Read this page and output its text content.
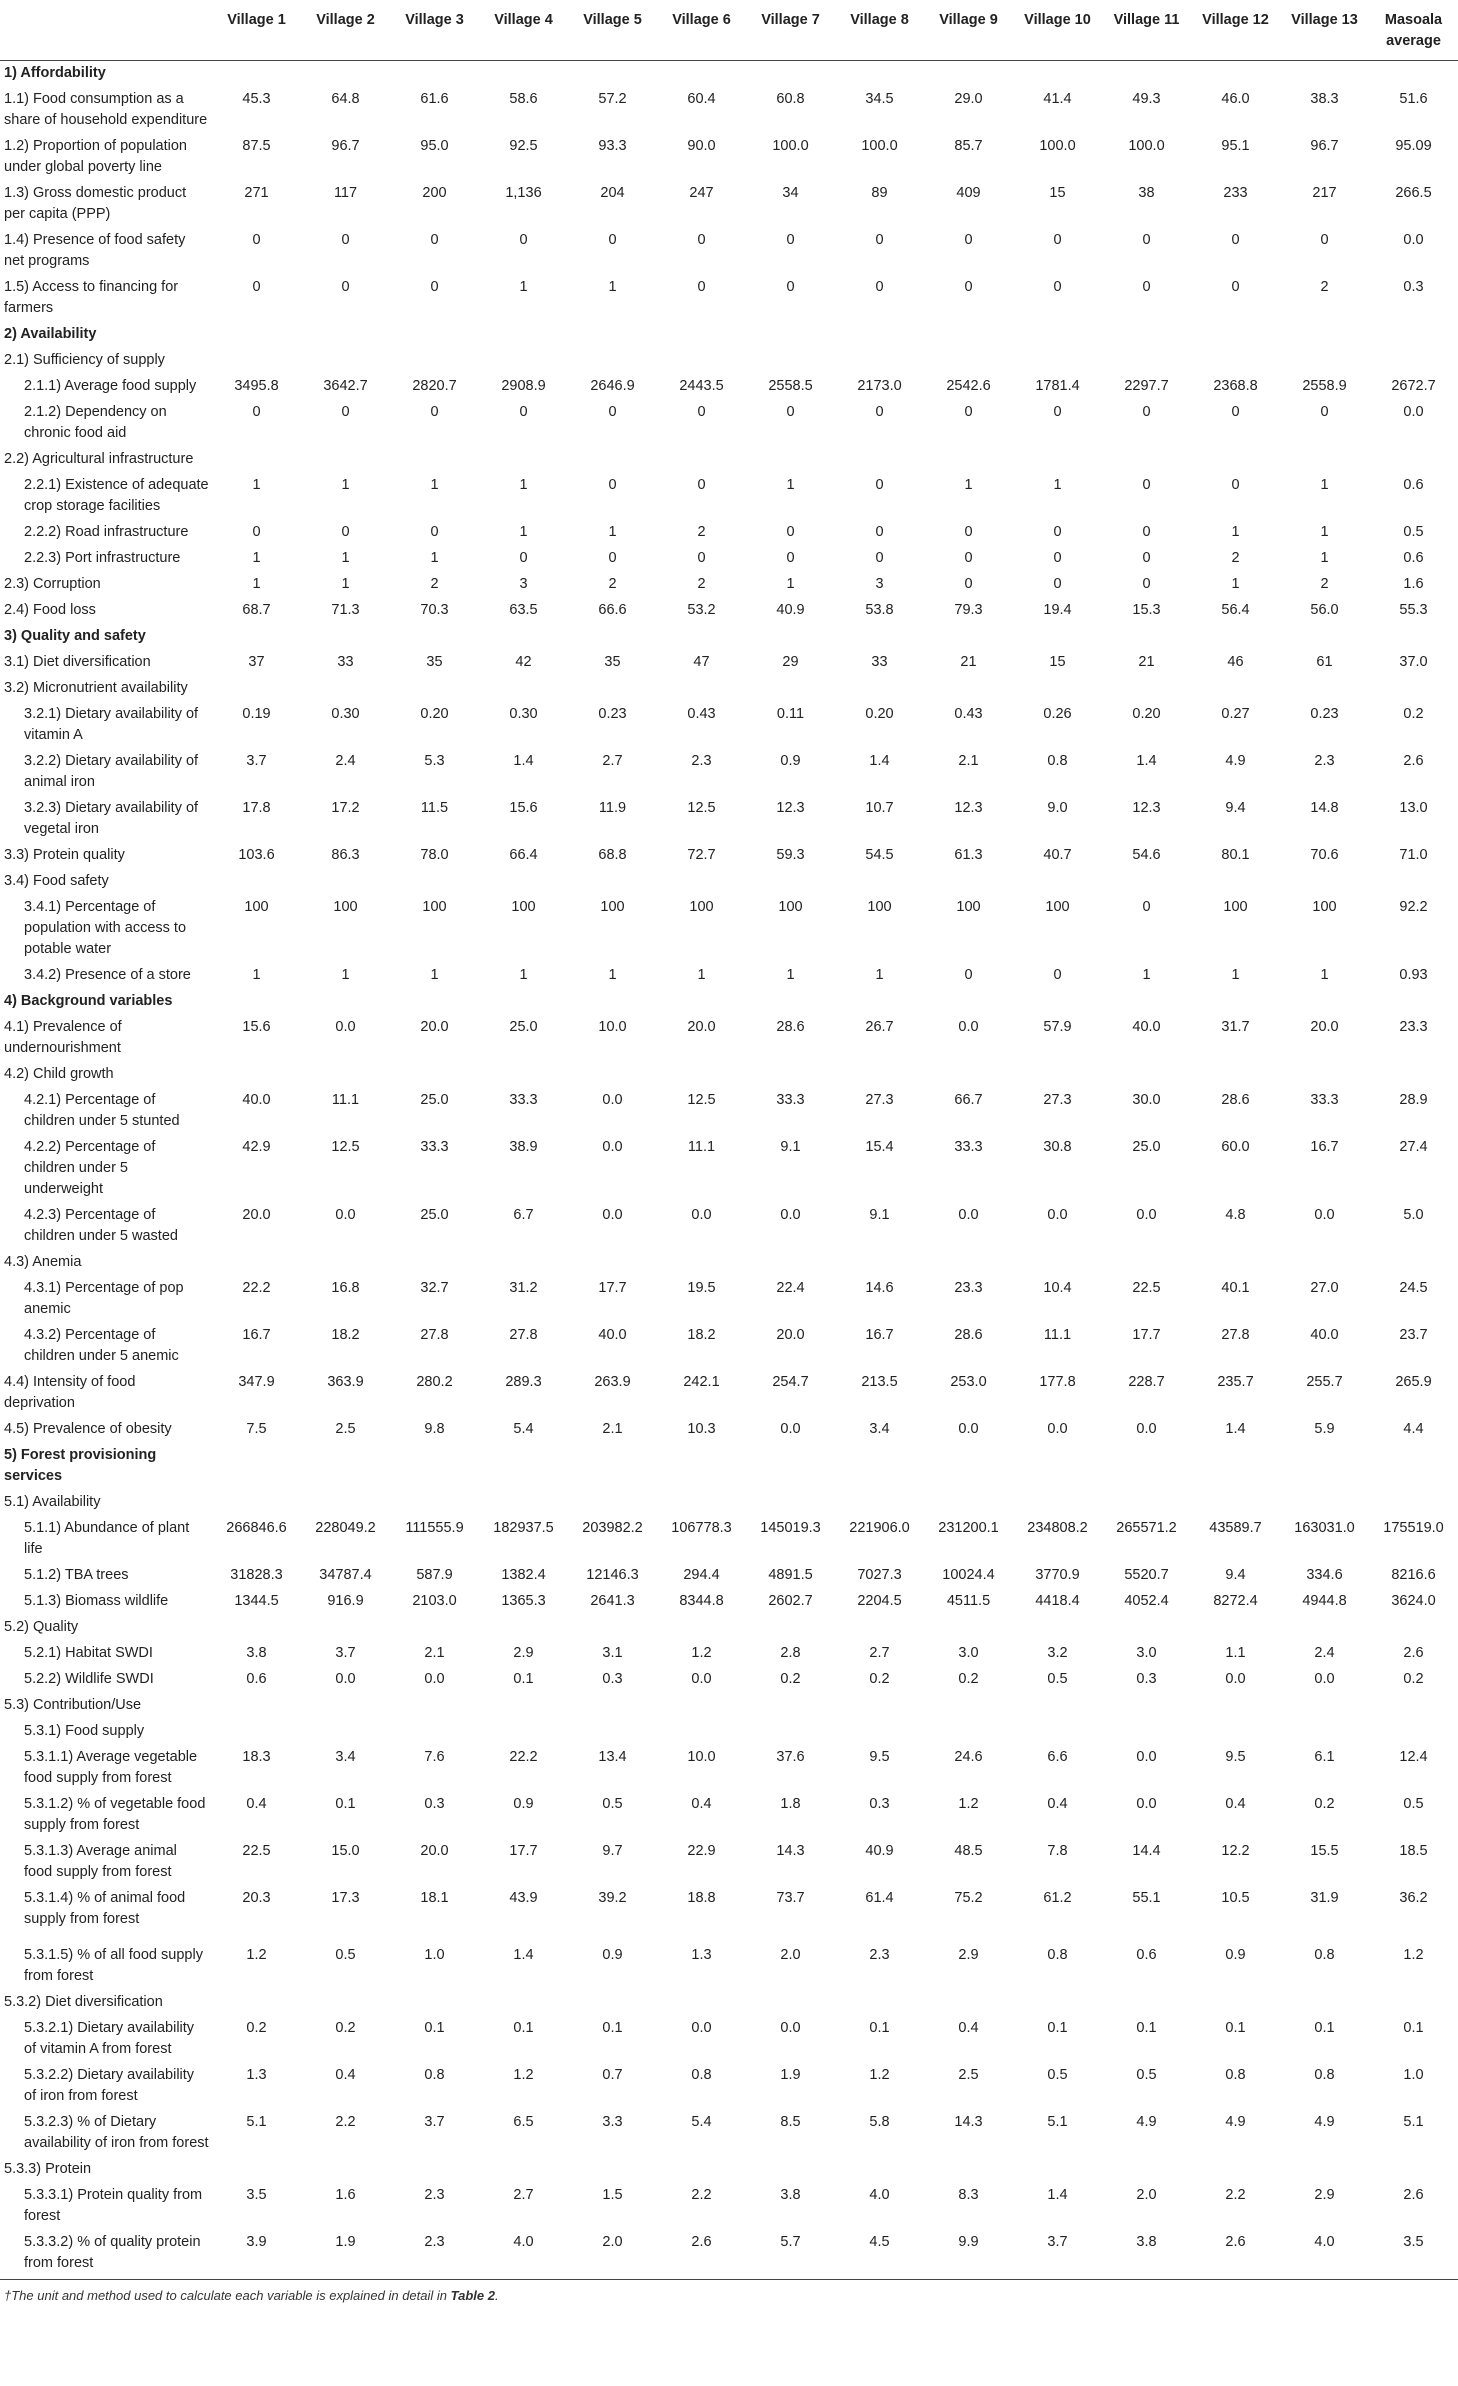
	Village 1	Village 2	Village 3	Village 4	Village 5	Village 6	Village 7	Village 8	Village 9	Village 10	Village 11	Village 12	Village 13	Masoala average
1) Affordability														
1.1) Food consumption as a share of household expenditure	45.3	64.8	61.6	58.6	57.2	60.4	60.8	34.5	29.0	41.4	49.3	46.0	38.3	51.6
1.2) Proportion of population under global poverty line	87.5	96.7	95.0	92.5	93.3	90.0	100.0	100.0	85.7	100.0	100.0	95.1	96.7	95.09
1.3) Gross domestic product per capita (PPP)	271	117	200	1,136	204	247	34	89	409	15	38	233	217	266.5
1.4) Presence of food safety net programs	0	0	0	0	0	0	0	0	0	0	0	0	0	0.0
1.5) Access to financing for farmers	0	0	0	1	1	0	0	0	0	0	0	0	2	0.3
2) Availability														
2.1) Sufficiency of supply														
2.1.1) Average food supply	3495.8	3642.7	2820.7	2908.9	2646.9	2443.5	2558.5	2173.0	2542.6	1781.4	2297.7	2368.8	2558.9	2672.7
2.1.2) Dependency on chronic food aid	0	0	0	0	0	0	0	0	0	0	0	0	0	0.0
2.2) Agricultural infrastructure														
2.2.1) Existence of adequate crop storage facilities	1	1	1	1	0	0	1	0	1	1	0	0	1	0.6
2.2.2) Road infrastructure	0	0	0	1	1	2	0	0	0	0	0	1	1	0.5
2.2.3) Port infrastructure	1	1	1	0	0	0	0	0	0	0	0	2	1	0.6
2.3) Corruption	1	1	2	3	2	2	1	3	0	0	0	1	2	1.6
2.4) Food loss	68.7	71.3	70.3	63.5	66.6	53.2	40.9	53.8	79.3	19.4	15.3	56.4	56.0	55.3
3) Quality and safety														
3.1) Diet diversification	37	33	35	42	35	47	29	33	21	15	21	46	61	37.0
3.2) Micronutrient availability														
3.2.1) Dietary availability of vitamin A	0.19	0.30	0.20	0.30	0.23	0.43	0.11	0.20	0.43	0.26	0.20	0.27	0.23	0.2
3.2.2) Dietary availability of animal iron	3.7	2.4	5.3	1.4	2.7	2.3	0.9	1.4	2.1	0.8	1.4	4.9	2.3	2.6
3.2.3) Dietary availability of vegetal iron	17.8	17.2	11.5	15.6	11.9	12.5	12.3	10.7	12.3	9.0	12.3	9.4	14.8	13.0
3.3) Protein quality	103.6	86.3	78.0	66.4	68.8	72.7	59.3	54.5	61.3	40.7	54.6	80.1	70.6	71.0
3.4) Food safety														
3.4.1) Percentage of population with access to potable water	100	100	100	100	100	100	100	100	100	100	0	100	100	92.2
3.4.2) Presence of a store	1	1	1	1	1	1	1	1	0	0	1	1	1	0.93
4) Background variables														
4.1) Prevalence of undernourishment	15.6	0.0	20.0	25.0	10.0	20.0	28.6	26.7	0.0	57.9	40.0	31.7	20.0	23.3
4.2) Child growth														
4.2.1) Percentage of children under 5 stunted	40.0	11.1	25.0	33.3	0.0	12.5	33.3	27.3	66.7	27.3	30.0	28.6	33.3	28.9
4.2.2) Percentage of children under 5 underweight	42.9	12.5	33.3	38.9	0.0	11.1	9.1	15.4	33.3	30.8	25.0	60.0	16.7	27.4
4.2.3) Percentage of children under 5 wasted	20.0	0.0	25.0	6.7	0.0	0.0	0.0	9.1	0.0	0.0	0.0	4.8	0.0	5.0
4.3) Anemia														
4.3.1) Percentage of pop anemic	22.2	16.8	32.7	31.2	17.7	19.5	22.4	14.6	23.3	10.4	22.5	40.1	27.0	24.5
4.3.2) Percentage of children under 5 anemic	16.7	18.2	27.8	27.8	40.0	18.2	20.0	16.7	28.6	11.1	17.7	27.8	40.0	23.7
4.4) Intensity of food deprivation	347.9	363.9	280.2	289.3	263.9	242.1	254.7	213.5	253.0	177.8	228.7	235.7	255.7	265.9
4.5) Prevalence of obesity	7.5	2.5	9.8	5.4	2.1	10.3	0.0	3.4	0.0	0.0	0.0	1.4	5.9	4.4
5) Forest provisioning services														
5.1) Availability														
5.1.1) Abundance of plant life	266846.6	228049.2	111555.9	182937.5	203982.2	106778.3	145019.3	221906.0	231200.1	234808.2	265571.2	43589.7	163031.0	175519.0
5.1.2) TBA trees	31828.3	34787.4	587.9	1382.4	12146.3	294.4	4891.5	7027.3	10024.4	3770.9	5520.7	9.4	334.6	8216.6
5.1.3) Biomass wildlife	1344.5	916.9	2103.0	1365.3	2641.3	8344.8	2602.7	2204.5	4511.5	4418.4	4052.4	8272.4	4944.8	3624.0
5.2) Quality														
5.2.1) Habitat SWDI	3.8	3.7	2.1	2.9	3.1	1.2	2.8	2.7	3.0	3.2	3.0	1.1	2.4	2.6
5.2.2) Wildlife SWDI	0.6	0.0	0.0	0.1	0.3	0.0	0.2	0.2	0.2	0.5	0.3	0.0	0.0	0.2
5.3) Contribution/Use														
5.3.1) Food supply														
5.3.1.1) Average vegetable food supply from forest	18.3	3.4	7.6	22.2	13.4	10.0	37.6	9.5	24.6	6.6	0.0	9.5	6.1	12.4
5.3.1.2) % of vegetable food supply from forest	0.4	0.1	0.3	0.9	0.5	0.4	1.8	0.3	1.2	0.4	0.0	0.4	0.2	0.5
5.3.1.3) Average animal food supply from forest	22.5	15.0	20.0	17.7	9.7	22.9	14.3	40.9	48.5	7.8	14.4	12.2	15.5	18.5
5.3.1.4) % of animal food supply from forest	20.3	17.3	18.1	43.9	39.2	18.8	73.7	61.4	75.2	61.2	55.1	10.5	31.9	36.2
5.3.1.5) % of all food supply from forest	1.2	0.5	1.0	1.4	0.9	1.3	2.0	2.3	2.9	0.8	0.6	0.9	0.8	1.2
5.3.2) Diet diversification														
5.3.2.1) Dietary availability of vitamin A from forest	0.2	0.2	0.1	0.1	0.1	0.0	0.0	0.1	0.4	0.1	0.1	0.1	0.1	0.1
5.3.2.2) Dietary availability of iron from forest	1.3	0.4	0.8	1.2	0.7	0.8	1.9	1.2	2.5	0.5	0.5	0.8	0.8	1.0
5.3.2.3) % of Dietary availability of iron from forest	5.1	2.2	3.7	6.5	3.3	5.4	8.5	5.8	14.3	5.1	4.9	4.9	4.9	5.1
5.3.3) Protein														
5.3.3.1) Protein quality from forest	3.5	1.6	2.3	2.7	1.5	2.2	3.8	4.0	8.3	1.4	2.0	2.2	2.9	2.6
5.3.3.2) % of quality protein from forest	3.9	1.9	2.3	4.0	2.0	2.6	5.7	4.5	9.9	3.7	3.8	2.6	4.0	3.5
†The unit and method used to calculate each variable is explained in detail in Table 2.
